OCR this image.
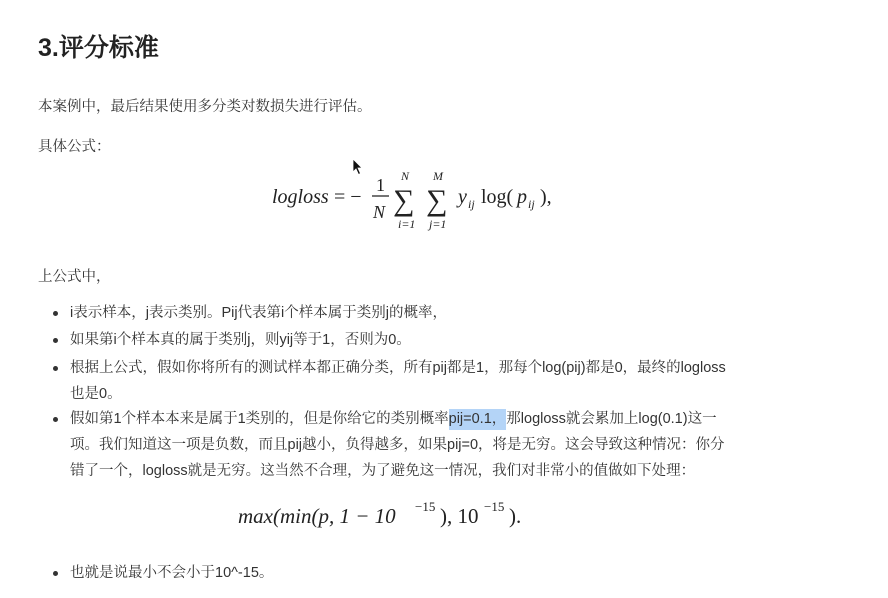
3.评分标准
本案例中，最后结果使用多分类对数损失进行评估。
具体公式：
logloss = −
1
N
N
∑
i=1
M
∑
j=1
y ij log( p ij ),
上公式中，
i表示样本，j表示类别。Pij代表第i个样本属于类别j的概率，
如果第i个样本真的属于类别j，则yij等于1，否则为0。
根据上公式，假如你将所有的测试样本都正确分类，所有pij都是1，那每个log(pij)都是0，最终的logloss
也是0。
假如第1个样本本来是属于1类别的，但是你给它的类别概率pij=0.1，那logloss就会累加上log(0.1)这一
项。我们知道这一项是负数，而且pij越小，负得越多，如果pij=0，将是无穷。这会导致这种情况：你分
错了一个，logloss就是无穷。这当然不合理，为了避免这一情况，我们对非常小的值做如下处理：
max(min(p, 1 − 10 −15 ), 10 −15 ).
也就是说最小不会小于10^-15。
